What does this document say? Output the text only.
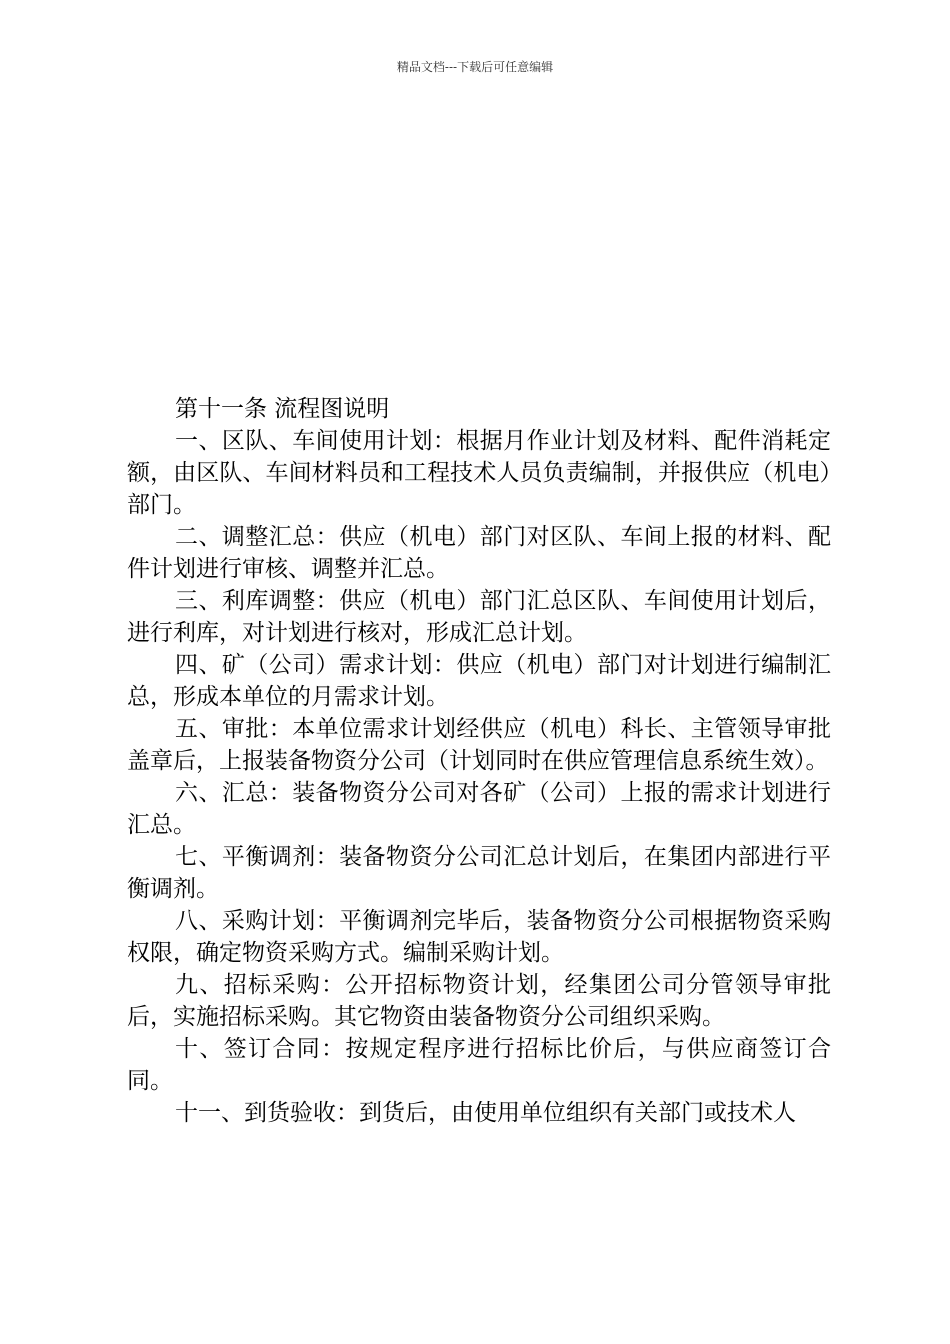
精品文档---下载后可任意编辑

第十一条 流程图说明

一、区队、车间使用计划：根据月作业计划及材料、配件消耗定额，由区队、车间材料员和工程技术人员负责编制，并报供应（机电）部门。

二、调整汇总：供应（机电）部门对区队、车间上报的材料、配件计划进行审核、调整并汇总。

三、利库调整：供应（机电）部门汇总区队、车间使用计划后，进行利库，对计划进行核对，形成汇总计划。

四、矿（公司）需求计划：供应（机电）部门对计划进行编制汇总，形成本单位的月需求计划。

五、审批：本单位需求计划经供应（机电）科长、主管领导审批盖章后，上报装备物资分公司（计划同时在供应管理信息系统生效）。

六、汇总：装备物资分公司对各矿（公司）上报的需求计划进行汇总。

七、平衡调剂：装备物资分公司汇总计划后，在集团内部进行平衡调剂。

八、采购计划：平衡调剂完毕后，装备物资分公司根据物资采购权限，确定物资采购方式。编制采购计划。

九、招标采购：公开招标物资计划，经集团公司分管领导审批后，实施招标采购。其它物资由装备物资分公司组织采购。

十、签订合同：按规定程序进行招标比价后，与供应商签订合同。

十一、到货验收：到货后，由使用单位组织有关部门或技术人
